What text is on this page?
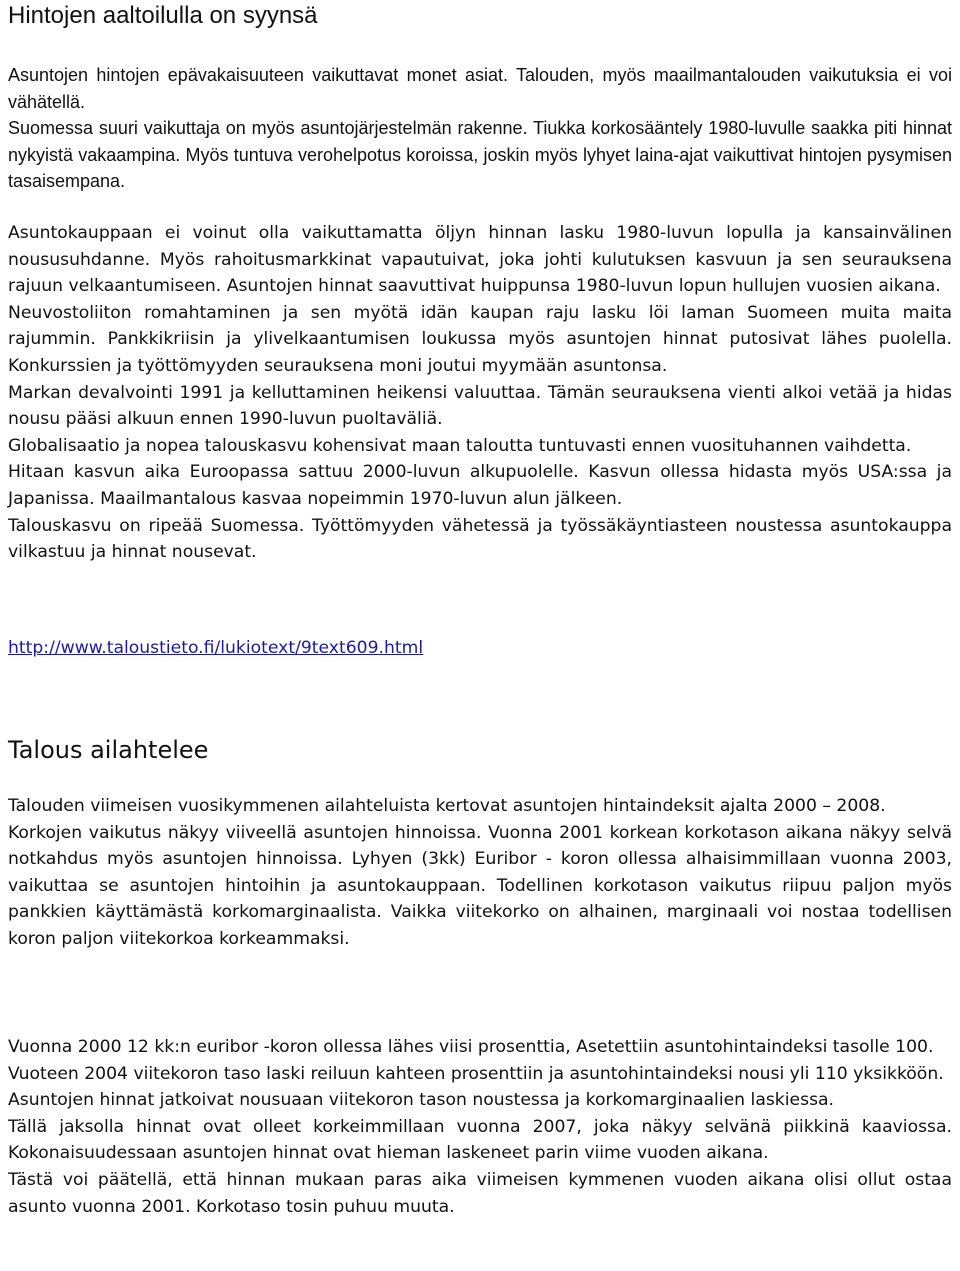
Hintojen aaltoilulla on syynsä

Asuntojen hintojen epävakaisuuteen vaikuttavat monet asiat. Talouden, myös maailmantalouden vaikutuksia ei voi vähätellä.

Suomessa suuri vaikuttaja on myös asuntojärjestelmän rakenne. Tiukka korkosääntely 1980-luvulle saakka piti hinnat nykyistä vakaampina. Myös tuntuva verohelpotus koroissa, joskin myös lyhyet laina-ajat vaikuttivat hintojen pysymisen tasaisempana.

Asuntokauppaan ei voinut olla vaikuttamatta öljyn hinnan lasku 1980-luvun lopulla ja kansainvälinen noususuhdanne. Myös rahoitusmarkkinat vapautuivat, joka johti kulutuksen kasvuun ja sen seurauksena rajuun velkaantumiseen. Asuntojen hinnat saavuttivat huippunsa 1980-luvun lopun hullujen vuosien aikana.

Neuvostoliiton romahtaminen ja sen myötä idän kaupan raju lasku löi laman Suomeen muita maita rajummin. Pankkikriisin ja ylivelkaantumisen loukussa myös asuntojen hinnat putosivat lähes puolella. Konkurssien ja työttömyyden seurauksena moni joutui myymään asuntonsa.

Markan devalvointi 1991 ja kelluttaminen heikensi valuuttaa. Tämän seurauksena vienti alkoi vetää ja hidas nousu pääsi alkuun ennen 1990-luvun puoltaväliä.

Globalisaatio ja nopea talouskasvu kohensivat maan taloutta tuntuvasti ennen vuosituhannen vaihdetta.

Hitaan kasvun aika Euroopassa sattuu 2000-luvun alkupuolelle. Kasvun ollessa hidasta myös USA:ssa ja Japanissa. Maailmantalous kasvaa nopeimmin 1970-luvun alun jälkeen.

Talouskasvu on ripeää Suomessa. Työttömyyden vähetessä ja työssäkäyntiasteen noustessa asuntokauppa vilkastuu ja hinnat nousevat.

http://www.taloustieto.fi/lukiotext/9text609.html
Talous ailahtelee

Talouden viimeisen vuosikymmenen ailahteluista kertovat asuntojen hintaindeksit ajalta 2000 – 2008.

Korkojen vaikutus näkyy viiveellä asuntojen hinnoissa. Vuonna 2001 korkean korkotason aikana näkyy selvä notkahdus myös asuntojen hinnoissa. Lyhyen (3kk) Euribor - koron ollessa alhaisimmillaan vuonna 2003, vaikuttaa se asuntojen hintoihin ja asuntokauppaan. Todellinen korkotason vaikutus riipuu paljon myös pankkien käyttämästä korkomarginaalista. Vaikka viitekorko on alhainen, marginaali voi nostaa todellisen koron paljon viitekorkoa korkeammaksi.

Vuonna 2000 12 kk:n euribor -koron ollessa lähes viisi prosenttia, Asetettiin asuntohintaindeksi tasolle 100.

Vuoteen 2004 viitekoron taso laski reiluun kahteen prosenttiin ja asuntohintaindeksi nousi yli 110 yksikköön.

Asuntojen hinnat jatkoivat nousuaan viitekoron tason noustessa ja korkomarginaalien laskiessa.

Tällä jaksolla hinnat ovat olleet korkeimmillaan vuonna 2007, joka näkyy selvänä piikkinä kaaviossa. Kokonaisuudessaan asuntojen hinnat ovat hieman laskeneet parin viime vuoden aikana.

Tästä voi päätellä, että hinnan mukaan paras aika viimeisen kymmenen vuoden aikana olisi ollut ostaa asunto vuonna 2001. Korkotaso tosin puhuu muuta.
